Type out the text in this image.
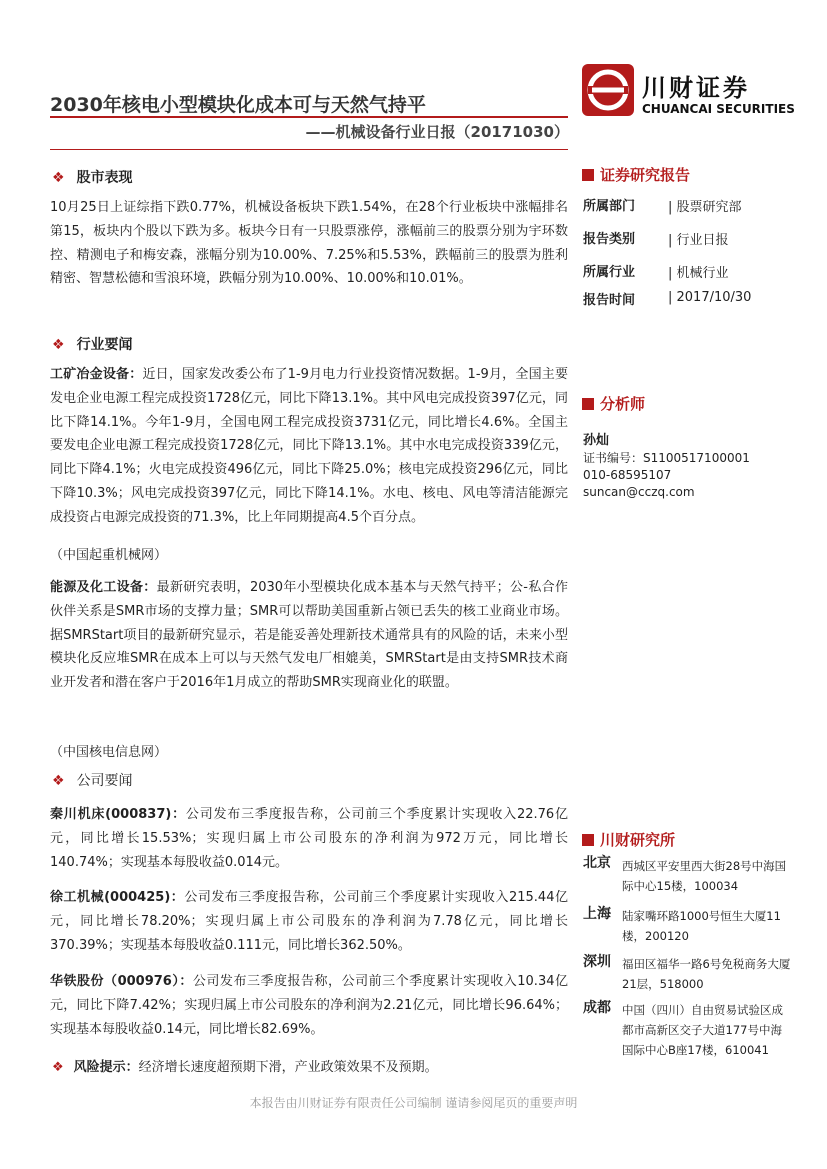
2030年核电小型模块化成本可与天然气持平
——机械设备行业日报（20171030）
川财证券
CHUANCAI SECURITIES
❖ 股市表现
10月25日上证综指下跌0.77%，机械设备板块下跌1.54%，在28个行业板块中涨幅排名第15，板块内个股以下跌为多。板块今日有一只股票涨停，涨幅前三的股票分别为宇环数控、精测电子和梅安森，涨幅分别为10.00%、7.25%和5.53%，跌幅前三的股票为胜利精密、智慧松德和雪浪环境，跌幅分别为10.00%、10.00%和10.01%。
❖ 行业要闻
工矿冶金设备：近日，国家发改委公布了1-9月电力行业投资情况数据。1-9月，全国主要发电企业电源工程完成投资1728亿元，同比下降13.1%。其中风电完成投资397亿元，同比下降14.1%。今年1-9月，全国电网工程完成投资3731亿元，同比增长4.6%。全国主要发电企业电源工程完成投资1728亿元，同比下降13.1%。其中水电完成投资339亿元，同比下降4.1%；火电完成投资496亿元，同比下降25.0%；核电完成投资296亿元，同比下降10.3%；风电完成投资397亿元，同比下降14.1%。水电、核电、风电等清洁能源完成投资占电源完成投资的71.3%，比上年同期提高4.5个百分点。
（中国起重机械网）
能源及化工设备：最新研究表明，2030年小型模块化成本基本与天然气持平；公-私合作伙伴关系是SMR市场的支撑力量；SMR可以帮助美国重新占领已丢失的核工业商业市场。据SMRStart项目的最新研究显示，若是能妥善处理新技术通常具有的风险的话，未来小型模块化反应堆SMR在成本上可以与天然气发电厂相媲美，SMRStart是由支持SMR技术商业开发者和潜在客户于2016年1月成立的帮助SMR实现商业化的联盟。
（中国核电信息网）
❖ 公司要闻
秦川机床(000837)：公司发布三季度报告称，公司前三个季度累计实现收入22.76亿元，同比增长15.53%；实现归属上市公司股东的净利润为972万元，同比增长140.74%；实现基本每股收益0.014元。
徐工机械(000425)：公司发布三季度报告称，公司前三个季度累计实现收入215.44亿元，同比增长78.20%；实现归属上市公司股东的净利润为7.78亿元，同比增长370.39%；实现基本每股收益0.111元，同比增长362.50%。
华铁股份（000976）：公司发布三季度报告称，公司前三个季度累计实现收入10.34亿元，同比下降7.42%；实现归属上市公司股东的净利润为2.21亿元，同比增长96.64%；实现基本每股收益0.14元，同比增长82.69%。
❖ 风险提示：经济增长速度超预期下滑，产业政策效果不及预期。
证券研究报告
所属部门	| 股票研究部
报告类别	| 行业日报
所属行业	| 机械行业
报告时间	| 2017/10/30
分析师
孙灿
证书编号：S1100517100001
010-68595107
suncan@cczq.com
川财研究所
北京 西城区平安里西大街28号中海国际中心15楼，100034
上海 陆家嘴环路1000号恒生大厦11楼，200120
深圳 福田区福华一路6号免税商务大厦21层，518000
成都 中国（四川）自由贸易试验区成都市高新区交子大道177号中海国际中心B座17楼，610041
本报告由川财证券有限责任公司编制 谨请参阅尾页的重要声明
